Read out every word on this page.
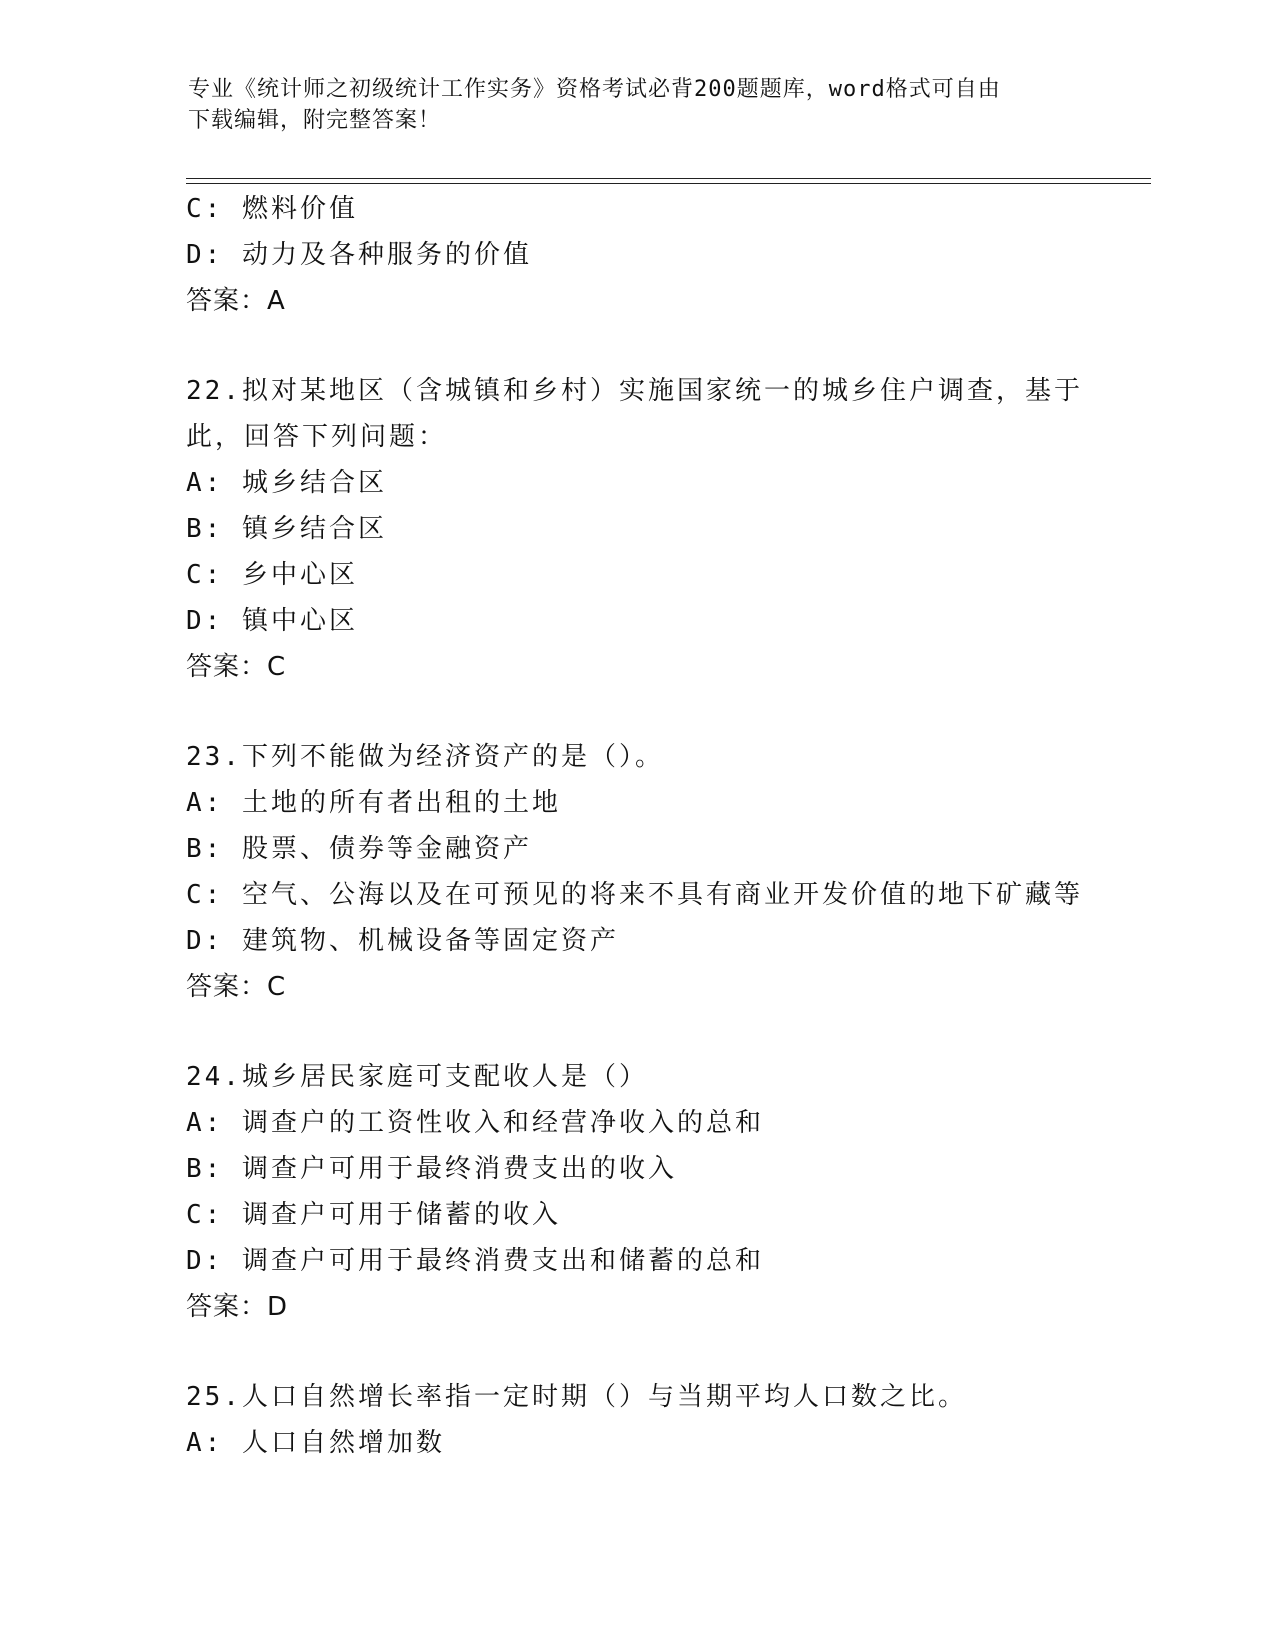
专业《统计师之初级统计工作实务》资格考试必背200题题库，word格式可自由
下载编辑，附完整答案！
C: 燃料价值
D: 动力及各种服务的价值
答案：A
22.拟对某地区（含城镇和乡村）实施国家统一的城乡住户调查，基于
此，回答下列问题：
A: 城乡结合区
B: 镇乡结合区
C: 乡中心区
D: 镇中心区
答案：C
23.下列不能做为经济资产的是（）。
A: 土地的所有者出租的土地
B: 股票、债券等金融资产
C: 空气、公海以及在可预见的将来不具有商业开发价值的地下矿藏等
D: 建筑物、机械设备等固定资产
答案：C
24.城乡居民家庭可支配收人是（）
A: 调查户的工资性收入和经营净收入的总和
B: 调查户可用于最终消费支出的收入
C: 调查户可用于储蓄的收入
D: 调查户可用于最终消费支出和储蓄的总和
答案：D
25.人口自然增长率指一定时期（）与当期平均人口数之比。
A: 人口自然增加数
